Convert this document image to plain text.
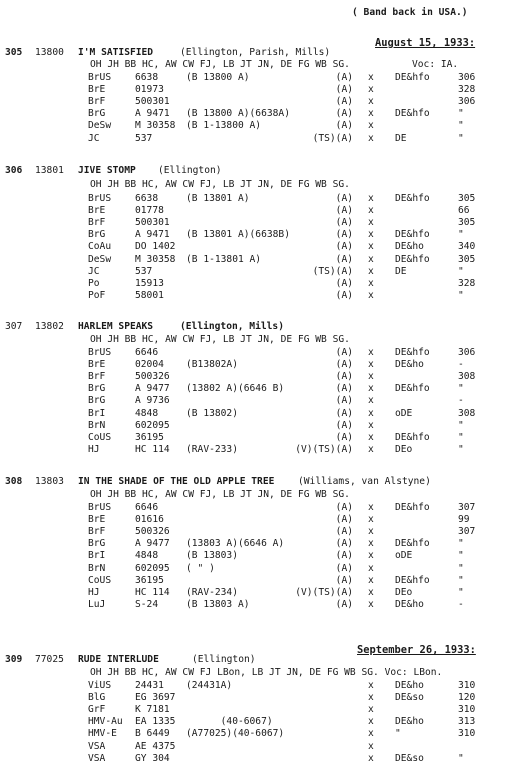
( Band back in USA.)
August 15, 1933:
305 13800 I'M SATISFIED	(Ellington, Parish, Mills)
OH JH BB HC, AW CW FJ, LB JT JN, DE FG WB SG.	Voc: IA.
BrUS 6638	(B 13800 A)	(A) x DE&hfo	306
BrE	01973	(A) x	328
BrF	500301	(A) x	306
BrG	A 9471 (B 13800 A)(6638A)	(A) x DE&hfo	"
DeSw M 30358 (B 1-13800 A)	(A) x	"
JC	537	(TS)(A) x DE	"
306 13801 JIVE STOMP (Ellington)
OH JH BB HC, AW CW FJ, LB JT JN, DE FG WB SG.
BrUS 6638	(B 13801 A)	(A) x DE&hfo	305
BrE	01778	(A) x	66
BrF	500301	(A) x	305
BrG	A 9471 (B 13801 A)(6638B)	(A) x DE&hfo	"
CoAu DO 1402	(A) x DE&ho	340
DeSw M 30358 (B 1-13801 A)	(A) x DE&hfo	305
JC	537	(TS)(A) x DE	"
Po	15913	(A) x	328
PoF	58001	(A) x	"
307 13802 HARLEM SPEAKS	(Ellington, Mills)
OH JH BB HC, AW CW FJ, LB JT JN, DE FG WB SG.
BrUS 6646	(A) x DE&hfo	306
BrE	02004 (B13802A)	(A) x DE&ho	-
BrF	500326	(A) x	308
BrG	A 9477 (13802 A)(6646 B)	(A) x DE&hfo	"
BrG	A 9736	(A) x	-
BrI	4848	(B 13802)	(A) x oDE	308
BrN	602095	(A) x	"
CoUS 36195	(A) x DE&hfo	"
HJ	HC 114 (RAV-233)	(V)(TS)(A) x DEo	"
308 13803 IN THE SHADE OF THE OLD APPLE TREE (Williams, van Alstyne)
OH JH BB HC, AW CW FJ, LB JT JN, DE FG WB SG.
BrUS 6646	(A) x DE&hfo	307
BrE	01616	(A) x	99
BrF	500326	(A) x	307
BrG	A 9477 (13803 A)(6646 A)	(A) x DE&hfo	"
BrI	4848	(B 13803)	(A) x oDE	"
BrN	602095 ( " )	(A) x	"
CoUS 36195	(A) x DE&hfo	"
HJ	HC 114 (RAV-234)	(V)(TS)(A) x DEo	"
LuJ	S-24	(B 13803 A)	(A) x DE&ho	-
September 26, 1933:
309 77025 RUDE INTERLUDE	(Ellington)
OH JH BB HC, AW CW FJ LBon, LB JT JN, DE FG WB SG. Voc: LBon.
ViUS 24431 (24431A)	x DE&ho	310
BlG	EG 3697	x DE&so	120
GrF	K 7181	x	310
HMV-Au EA 1335 (40-6067)	x DE&ho	313
HMV-E B 6449 (A77025)(40-6067)	x "	310
VSA	AE 4375	x
VSA	GY 304	x DE&so	"
